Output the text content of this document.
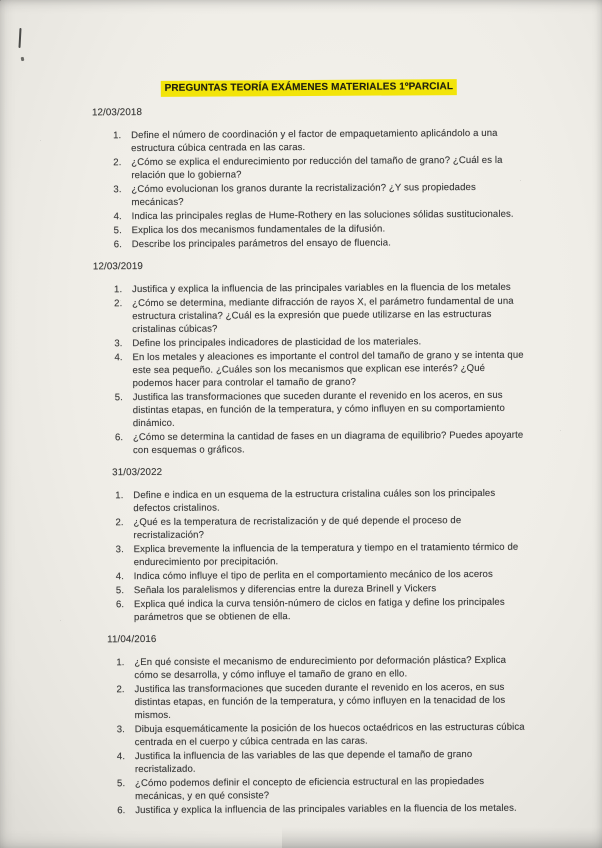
PREGUNTAS TEORÍA EXÁMENES MATERIALES 1ºPARCIAL
12/03/2018
Define el número de coordinación y el factor de empaquetamiento aplicándolo a una estructura cúbica centrada en las caras.
¿Cómo se explica el endurecimiento por reducción del tamaño de grano? ¿Cuál es la relación que lo gobierna?
¿Cómo evolucionan los granos durante la recristalización? ¿Y sus propiedades mecánicas?
Indica las principales reglas de Hume-Rothery en las soluciones sólidas sustitucionales.
Explica los dos mecanismos fundamentales de la difusión.
Describe los principales parámetros del ensayo de fluencia.
12/03/2019
Justifica y explica la influencia de las principales variables en la fluencia de los metales
¿Cómo se determina, mediante difracción de rayos X, el parámetro fundamental de una estructura cristalina? ¿Cuál es la expresión que puede utilizarse en las estructuras cristalinas cúbicas?
Define los principales indicadores de plasticidad de los materiales.
En los metales y aleaciones es importante el control del tamaño de grano y se intenta que este sea pequeño. ¿Cuáles son los mecanismos que explican ese interés? ¿Qué podemos hacer para controlar el tamaño de grano?
Justifica las transformaciones que suceden durante el revenido en los aceros, en sus distintas etapas, en función de la temperatura, y cómo influyen en su comportamiento dinámico.
¿Cómo se determina la cantidad de fases en un diagrama de equilibrio? Puedes apoyarte con esquemas o gráficos.
31/03/2022
Define e indica en un esquema de la estructura cristalina cuáles son los principales defectos cristalinos.
¿Qué es la temperatura de recristalización y de qué depende el proceso de recristalización?
Explica brevemente la influencia de la temperatura y tiempo en el tratamiento térmico de endurecimiento por precipitación.
Indica cómo influye el tipo de perlita en el comportamiento mecánico de los aceros
Señala los paralelismos y diferencias entre la dureza Brinell y Vickers
Explica qué indica la curva tensión-número de ciclos en fatiga y define los principales parámetros que se obtienen de ella.
11/04/2016
¿En qué consiste el mecanismo de endurecimiento por deformación plástica? Explica cómo se desarrolla, y cómo influye el tamaño de grano en ello.
Justifica las transformaciones que suceden durante el revenido en los aceros, en sus distintas etapas, en función de la temperatura, y cómo influyen en la tenacidad de los mismos.
Dibuja esquemáticamente la posición de los huecos octaédricos en las estructuras cúbica centrada en el cuerpo y cúbica centrada en las caras.
Justifica la influencia de las variables de las que depende el tamaño de grano recristalizado.
¿Cómo podemos definir el concepto de eficiencia estructural en las propiedades mecánicas, y en qué consiste?
Justifica y explica la influencia de las principales variables en la fluencia de los metales.
